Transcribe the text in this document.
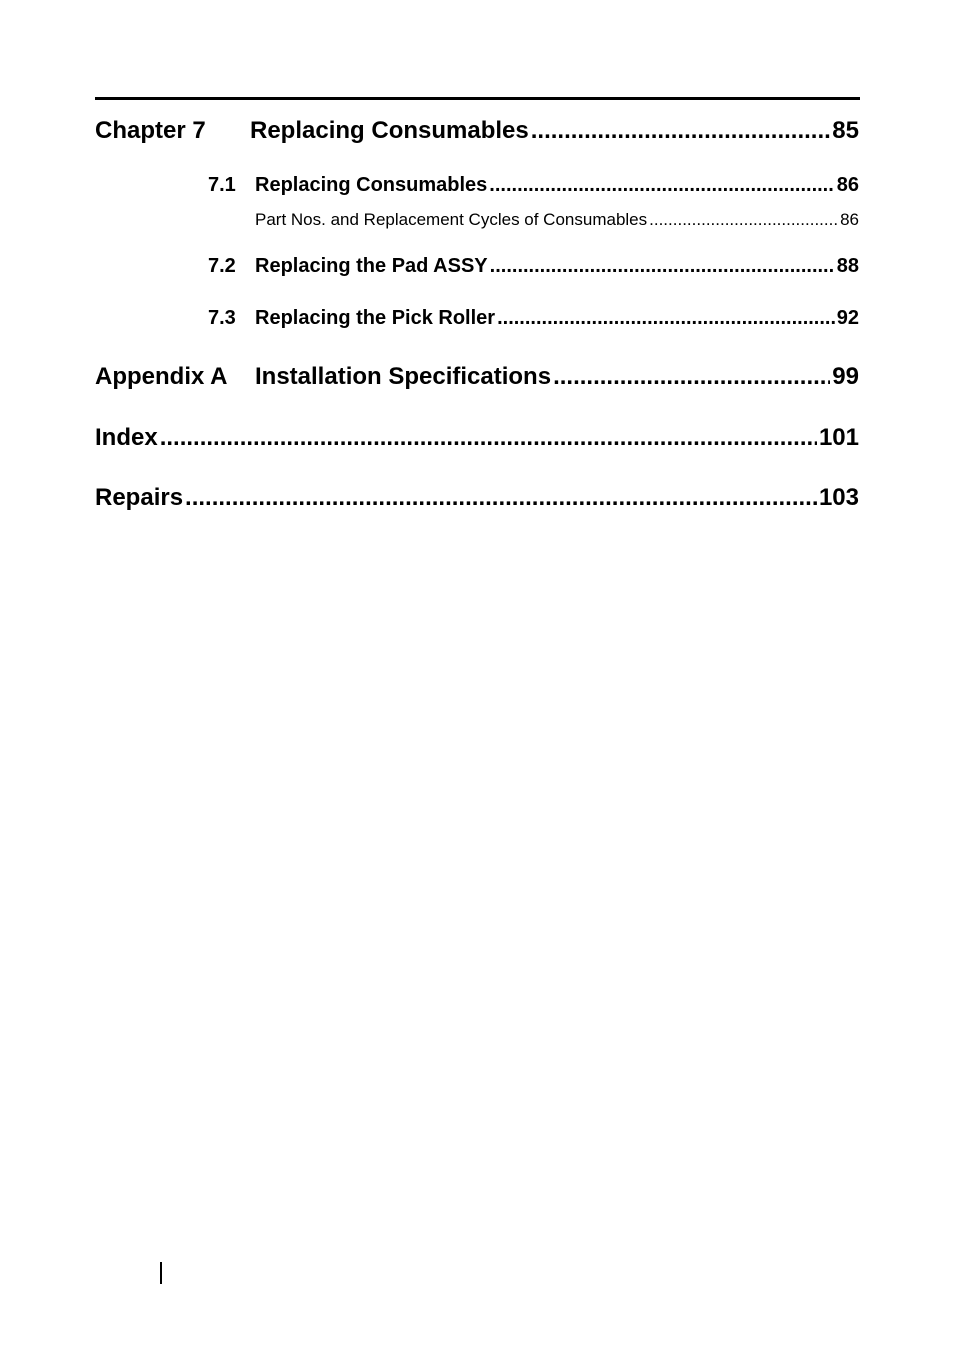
Chapter 7	Replacing Consumables .....	85
7.1 Replacing Consumables .....	86
Part Nos. and Replacement Cycles of Consumables .....	86
7.2 Replacing the Pad ASSY .....	88
7.3 Replacing the Pick Roller .....	92
Appendix A	Installation Specifications .....	99
Index .....	101
Repairs .....	103
